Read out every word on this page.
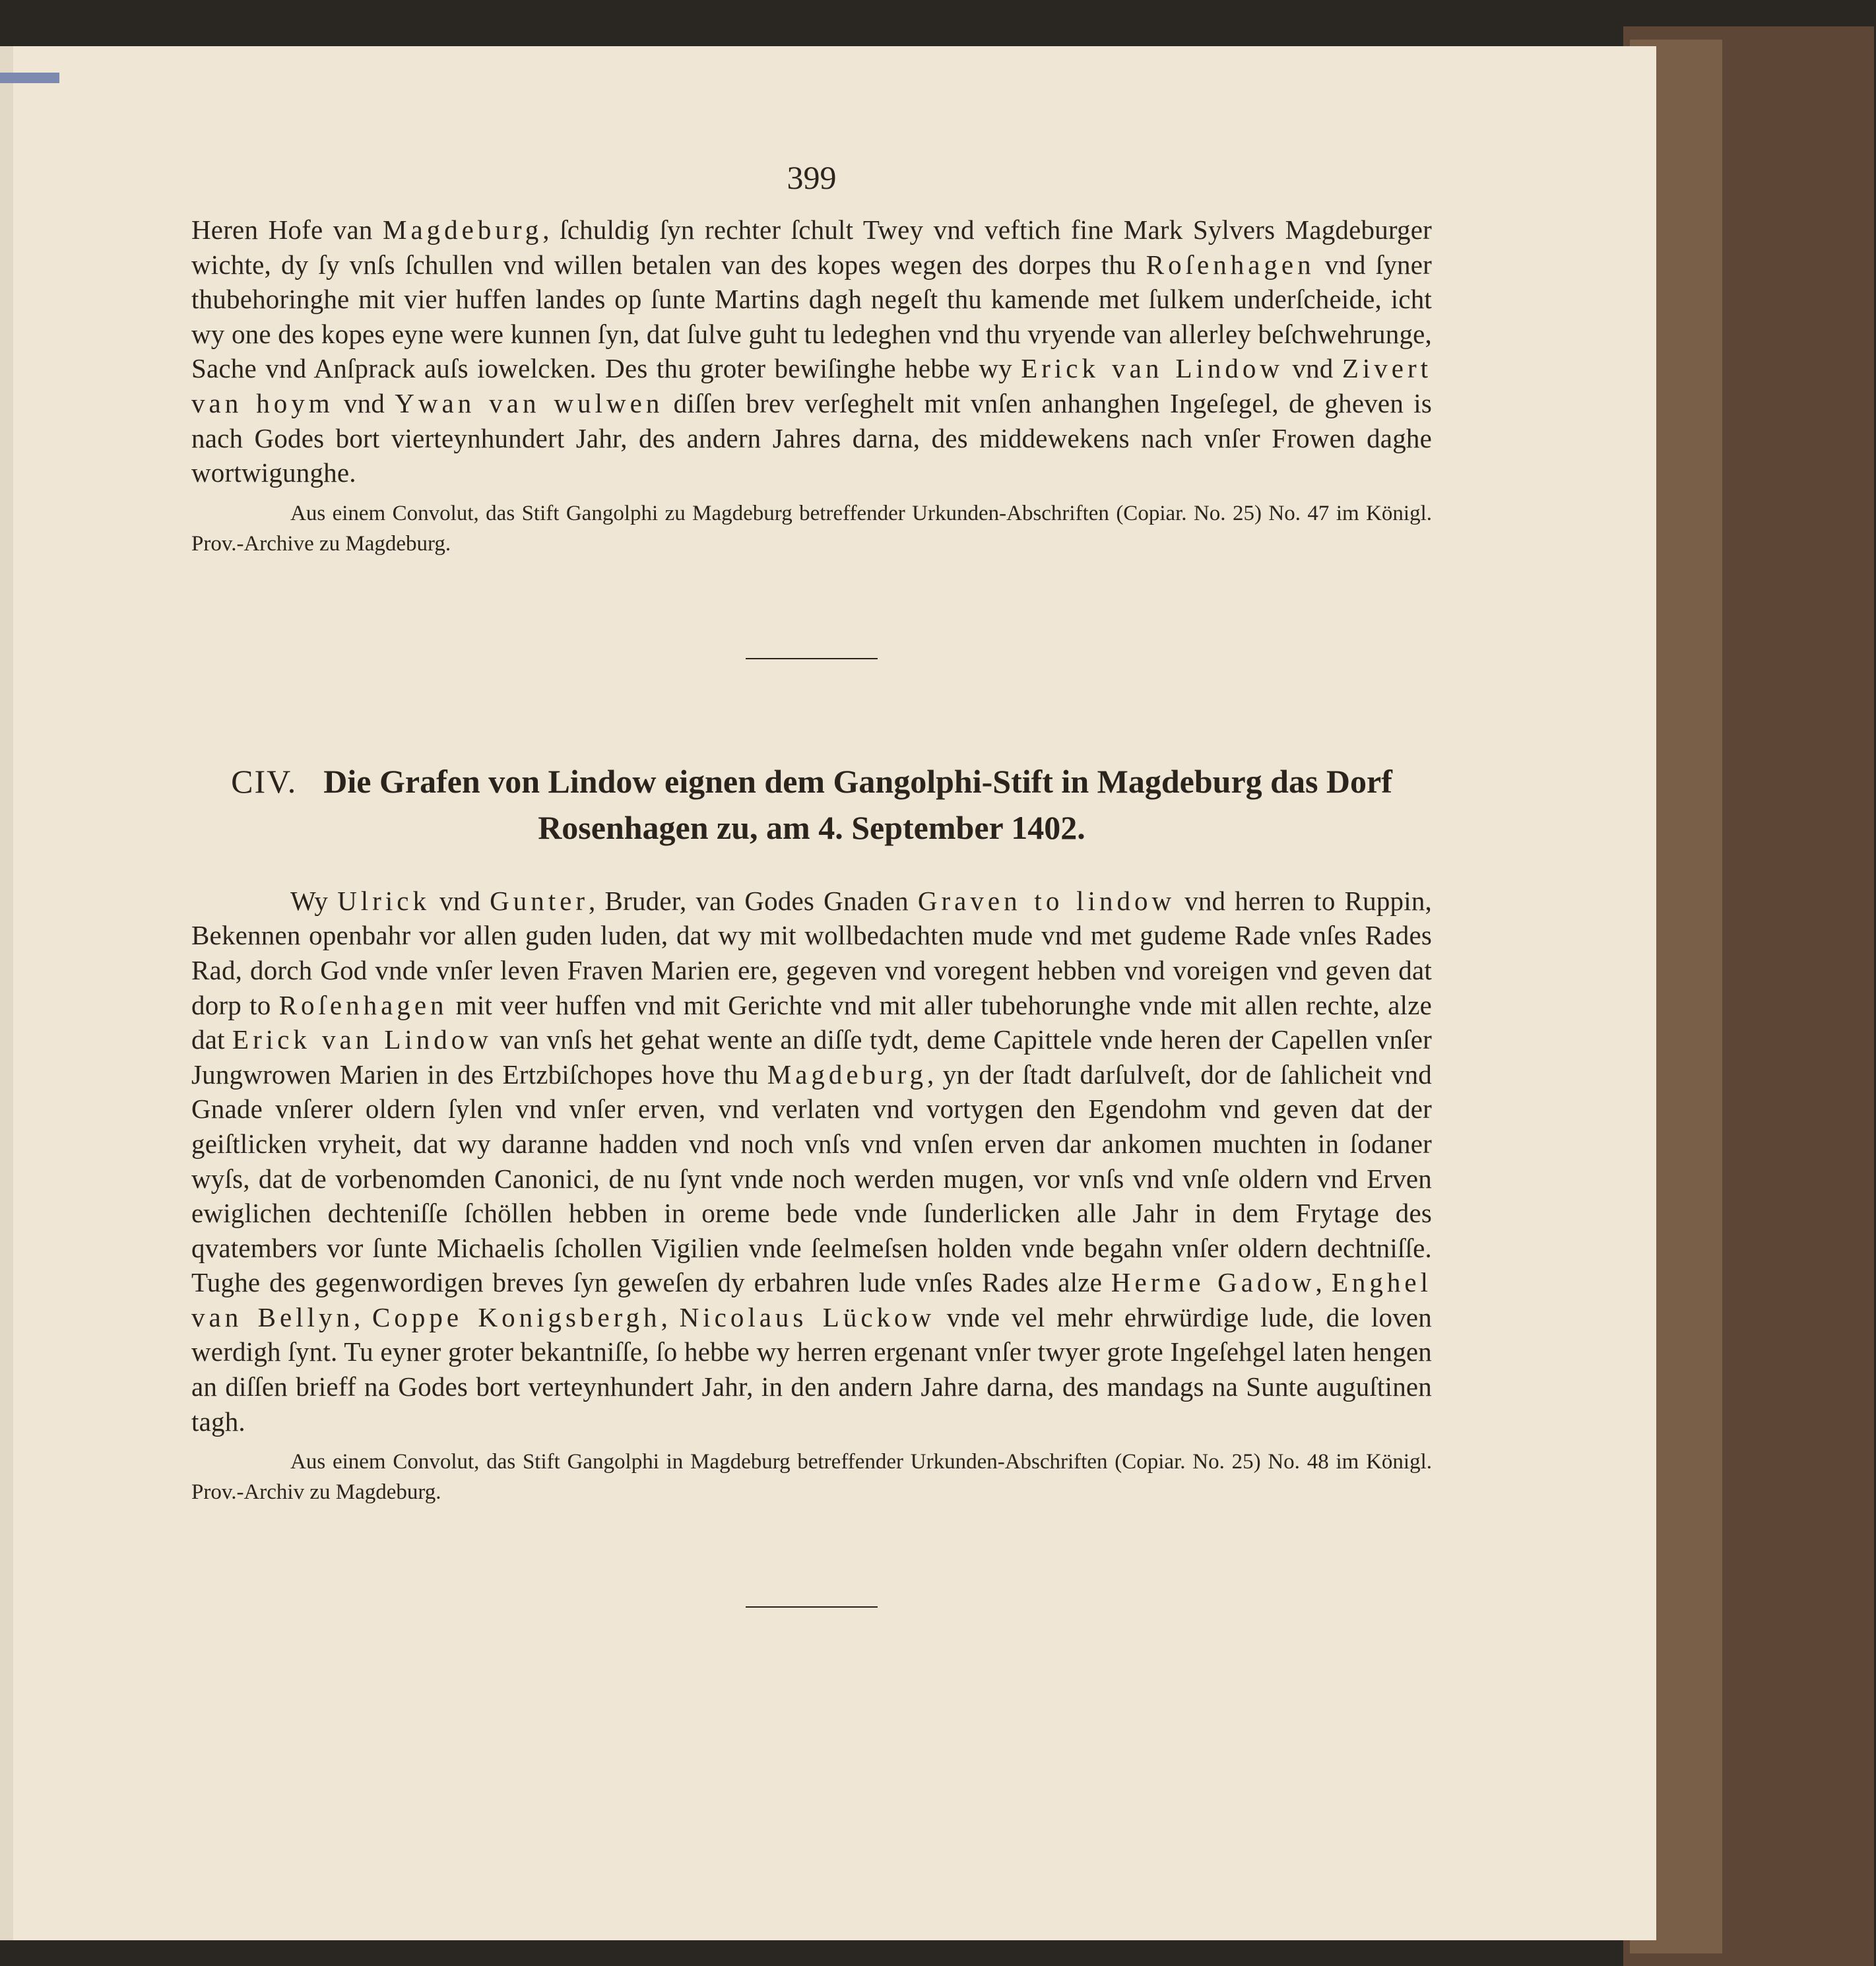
399

Heren Hofe van Magdeburg, ſchuldig ſyn rechter ſchult Twey vnd veftich fine Mark Sylvers Magdeburger wichte, dy ſy vnſs ſchullen vnd willen betalen van des kopes wegen des dorpes thu Roſenhagen vnd ſyner thubehoringhe mit vier huffen landes op ſunte Martins dagh negeſt thu kamende met ſulkem underſcheide, icht wy one des kopes eyne were kunnen ſyn, dat ſulve guht tu ledeghen vnd thu vryende van allerley beſchwehrunge, Sache vnd Anſprack auſs iowelcken. Des thu groter bewiſinghe hebbe wy Erick van Lindow vnd Zivert van hoym vnd Ywan van wulwen diſſen brev verſeghelt mit vnſen anhanghen Ingeſegel, de gheven is nach Godes bort vierteynhundert Jahr, des andern Jahres darna, des middewekens nach vnſer Frowen daghe wortwigunghe.

Aus einem Convolut, das Stift Gangolphi zu Magdeburg betreffender Urkunden-Abschriften (Copiar. No. 25) No. 47 im Königl. Prov.-Archive zu Magdeburg.
CIV. Die Grafen von Lindow eignen dem Gangolphi-Stift in Magdeburg das Dorf Rosenhagen zu, am 4. September 1402.

Wy Ulrick vnd Gunter, Bruder, van Godes Gnaden Graven to lindow vnd herren to Ruppin, Bekennen openbahr vor allen guden luden, dat wy mit wollbedachten mude vnd met gudeme Rade vnſes Rades Rad, dorch God vnde vnſer leven Fraven Marien ere, gegeven vnd voregent hebben vnd voreigen vnd geven dat dorp to Roſenhagen mit veer huffen vnd mit Gerichte vnd mit aller tubehorunghe vnde mit allen rechte, alze dat Erick van Lindow van vnſs het gehat wente an diſſe tydt, deme Capittele vnde heren der Capellen vnſer Jungwrowen Marien in des Ertzbiſchopes hove thu Magdeburg, yn der ſtadt darſulveſt, dor de ſahlicheit vnd Gnade vnſerer oldern ſylen vnd vnſer erven, vnd verlaten vnd vortygen den Egendohm vnd geven dat der geiſtlicken vryheit, dat wy daranne hadden vnd noch vnſs vnd vnſen erven dar ankomen muchten in ſodaner wyſs, dat de vorbenomden Canonici, de nu ſynt vnde noch werden mugen, vor vnſs vnd vnſe oldern vnd Erven ewiglichen dechteniſſe ſchöllen hebben in oreme bede vnde ſunderlicken alle Jahr in dem Frytage des qvatembers vor ſunte Michaelis ſchollen Vigilien vnde ſeelmeſsen holden vnde begahn vnſer oldern dechtniſſe. Tughe des gegenwordigen breves ſyn geweſen dy erbahren lude vnſes Rades alze Herme Gadow, Enghel van Bellyn, Coppe Konigsbergh, Nicolaus Lückow vnde vel mehr ehrwürdige lude, die loven werdigh ſynt. Tu eyner groter bekantniſſe, ſo hebbe wy herren ergenant vnſer twyer grote Ingeſehgel laten hengen an diſſen brieff na Godes bort verteynhundert Jahr, in den andern Jahre darna, des mandags na Sunte auguſtinen tagh.

Aus einem Convolut, das Stift Gangolphi in Magdeburg betreffender Urkunden-Abschriften (Copiar. No. 25) No. 48 im Königl. Prov.-Archiv zu Magdeburg.
